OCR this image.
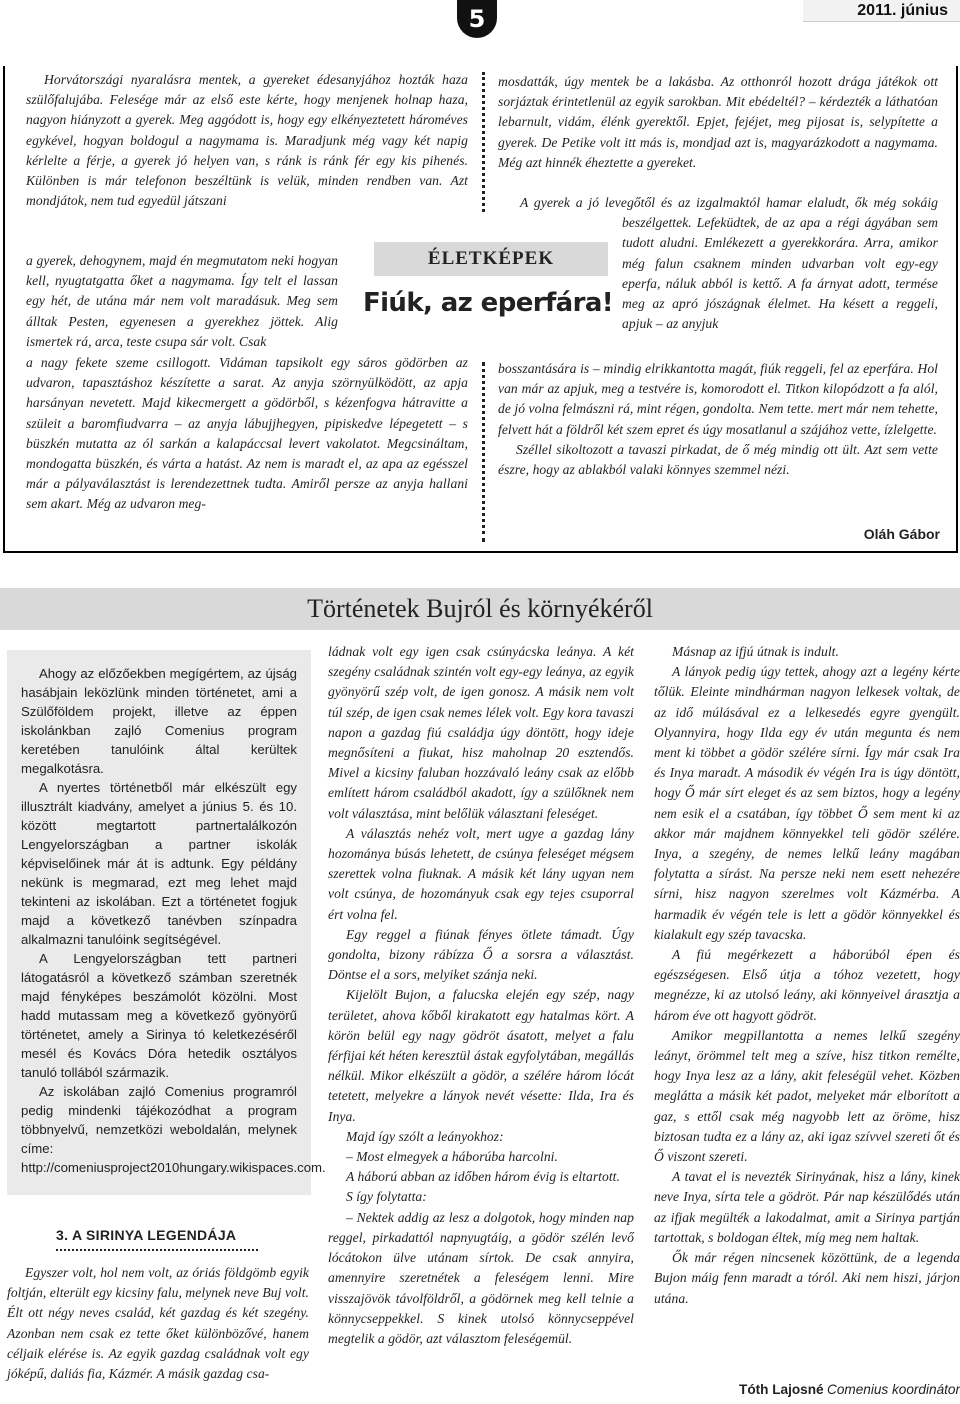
5	2011. június

Horvátországi nyaralásra mentek, a gyereket édesanyjához hozták haza szülőfalujába. Felesége már az első este kérte, hogy menjenek holnap haza, nagyon hiányzott a gyerek. Meg aggódott is, hogy egy elkényeztetett hároméves egykével, hogyan boldogul a nagymama is. Maradjunk még vagy két napig kérlelte a férje, a gyerek jó helyen van, s ránk is ránk fér egy kis pihenés. Különben is már telefonon beszéltünk is velük, minden rendben van. Azt mondjátok, nem tud egyedül játszani

a gyerek, dehogynem, majd én megmutatom neki hogyan kell, nyugtatgatta őket a nagymama. Így telt el lassan egy hét, de utána már nem volt maradásuk. Meg sem álltak Pesten, egyenesen a gyerekhez jöttek. Alig ismertek rá, arca, teste csupa sár volt. Csak

a nagy fekete szeme csillogott. Vidáman tapsikolt egy sáros gödörben az udvaron, tapasztáshoz készítette a sarat. Az anyja szörnyülködött, az apja harsányan nevetett. Majd kikecmergett a gödörből, s kézenfogva hátravitte a szüleit a baromfiudvarra – az anyja lábujjhegyen, pipiskedve lépegetett – s büszkén mutatta az ól sarkán a kalapáccsal levert vakolatot. Megcsináltam, mondogatta büszkén, és várta a hatást. Az nem is maradt el, az apa az egésszel már a pályaválasztást is lerendezettnek tudta. Amiről persze az anyja hallani sem akart. Még az udvaron meg-

ÉLETKÉPEK
Fiúk, az eperfára!

mosdatták, úgy mentek be a lakásba. Az otthonról hozott drága játékok ott sorjáztak érintetlenül az egyik sarokban. Mit ebédeltél? – kérdezték a láthatóan lebarnult, vidám, élénk gyerektől. Epjet, fejéjet, meg pijosat is, selypítette a gyerek. De Petike volt itt más is, mondjad azt is, magyarázkodott a nagymama. Még azt hinnék éheztette a gyereket.

A gyerek a jó levegőtől és az izgalmaktól hamar elaludt, ők még sokáig beszélgettek. Lefeküdtek, de az apa a régi ágyában sem tudott aludni. Emlékezett a gyerekkorára. Arra, amikor még falun csaknem minden udvarban volt egy-egy eperfa, náluk abból is kettő. A fa árnyat adott, termése meg az apró jószágnak élelmet. Ha késett a reggeli, apjuk – az anyjuk

bosszantására is – mindig elrikkantotta magát, fiúk reggeli, fel az eperfára. Hol van már az apjuk, meg a testvére is, komorodott el. Titkon kilopódzott a fa alól, de jó volna felmászni rá, mint régen, gondolta. Nem tette. mert már nem tehette, felvett hát a földről két szem epret és úgy mosatlanul a szájához vette, ízlelgette.

Széllel sikoltozott a tavaszi pirkadat, de ő még mindig ott ült. Azt sem vette észre, hogy az ablakból valaki könnyes szemmel nézi.

Oláh Gábor
Történetek Bujról és környékéről

Ahogy az előzőekben megígértem, az újság hasábjain leközlünk minden történetet, ami a Szülőföldem projekt, illetve az éppen iskolánkban zajló Comenius program keretében tanulóink által kerültek megalkotásra.

A nyertes történetből már elkészült egy illusztrált kiadvány, amelyet a június 5. és 10. között megtartott partnertalálkozón Lengyelországban a partner iskolák képviselőinek már át is adtunk. Egy példány nekünk is megmarad, ezt meg lehet majd tekinteni az iskolában. Ezt a történetet fogjuk majd a következő tanévben színpadra alkalmazni tanulóink segítségével.

A Lengyelországban tett partneri látogatásról a következő számban szeretnék majd fényképes beszámolót közölni. Most hadd mutassam meg a következő gyönyörű történetet, amely a Sirinya tó keletkezéséről mesél és Kovács Dóra hetedik osztályos tanuló tollából származik.

Az iskolában zajló Comenius programról pedig mindenki tájékozódhat a program többnyelvű, nemzetközi weboldalán, melynek címe: http://comeniusproject2010hungary.wikispaces.com.

3. A SIRINYA LEGENDÁJA

Egyszer volt, hol nem volt, az óriás földgömb egyik foltján, elterült egy kicsiny falu, melynek neve Buj volt. Élt ott négy neves család, két gazdag és két szegény. Azonban nem csak ez tette őket különbözővé, hanem céljaik elérése is. Az egyik gazdag családnak volt egy jóképű, daliás fia, Kázmér. A másik gazdag csa-

ládnak volt egy igen csak csúnyácska leánya. A két szegény családnak szintén volt egy-egy leánya, az egyik gyönyörű szép volt, de igen gonosz. A másik nem volt túl szép, de igen csak nemes lélek volt. Egy kora tavaszi napon a gazdag fiú családja úgy döntött, hogy ideje megnősíteni a fiukat, hisz maholnap 20 esztendős. Mivel a kicsiny faluban hozzávaló leány csak az előbb említett három családból akadott, így a szülőknek nem volt választása, mint belőlük választani feleséget.

A választás nehéz volt, mert ugye a gazdag lány hozománya búsás lehetett, de csúnya feleséget mégsem szerettek volna fiuknak. A másik két lány ugyan nem volt csúnya, de hozományuk csak egy tejes csuporral ért volna fel.

Egy reggel a fiúnak fényes ötlete támadt. Úgy gondolta, bizony rábízza Ő a sorsra a választást. Döntse el a sors, melyiket szánja neki.

Kijelölt Bujon, a falucska elején egy szép, nagy területet, ahova kőből kirakatott egy hatalmas kört. A körön belül egy nagy gödröt ásatott, melyet a falu férfijai két héten keresztül ástak egyfolytában, megállás nélkül. Mikor elkészült a gödör, a szélére három lócát tetetett, melyekre a lányok nevét vésette: Ilda, Ira és Inya.

Majd így szólt a leányokhoz:

– Most elmegyek a háborúba harcolni.

A háború abban az időben három évig is eltartott.

S így folytatta:

– Nektek addig az lesz a dolgotok, hogy minden nap reggel, pirkadattól napnyugtáig, a gödör szélén levő lócátokon ülve utánam sírtok. De csak annyira, amennyire szeretnétek a feleségem lenni. Mire visszajövök távolföldről, a gödörnek meg kell telnie a könnycseppekkel. S kinek utolsó könnycseppével megtelik a gödör, azt választom feleségemül.

Másnap az ifjú útnak is indult.

A lányok pedig úgy tettek, ahogy azt a legény kérte tőlük. Eleinte mindhárman nagyon lelkesek voltak, de az idő múlásával ez a lelkesedés egyre gyengült. Olyannyira, hogy Ilda egy év után megunta és nem ment ki többet a gödör szélére sírni. Így már csak Ira és Inya maradt. A második év végén Ira is úgy döntött, hogy Ő már sírt eleget és az sem biztos, hogy a legény nem esik el a csatában, így többet Ő sem ment ki az akkor már majdnem könnyekkel teli gödör szélére. Inya, a szegény, de nemes lelkű leány magában folytatta a sírást. Na persze neki nem esett nehezére sírni, hisz nagyon szerelmes volt Kázmérba. A harmadik év végén tele is lett a gödör könnyekkel és kialakult egy szép tavacska.

A fiú megérkezett a háborúból épen és egészségesen. Első útja a tóhoz vezetett, hogy megnézze, ki az utolsó leány, aki könnyeivel árasztja a három éve ott hagyott gödröt.

Amikor megpillantotta a nemes lelkű szegény leányt, örömmel telt meg a szíve, hisz titkon remélte, hogy Inya lesz az a lány, akit feleségül vehet. Közben meglátta a másik két padot, melyeket már elborított a gaz, s ettől csak még nagyobb lett az öröme, hisz biztosan tudta ez a lány az, aki igaz szívvel szereti őt és Ő viszont szereti.

A tavat el is nevezték Sirinyának, hisz a lány, kinek neve Inya, sírta tele a gödröt. Pár nap készülődés után az ifjak megülték a lakodalmat, amit a Sirinya partján tartottak, s boldogan éltek, míg meg nem haltak.

Ők már régen nincsenek közöttünk, de a legenda Bujon máig fenn maradt a tóról. Aki nem hiszi, járjon utána.

Tóth Lajosné Comenius koordinátor
